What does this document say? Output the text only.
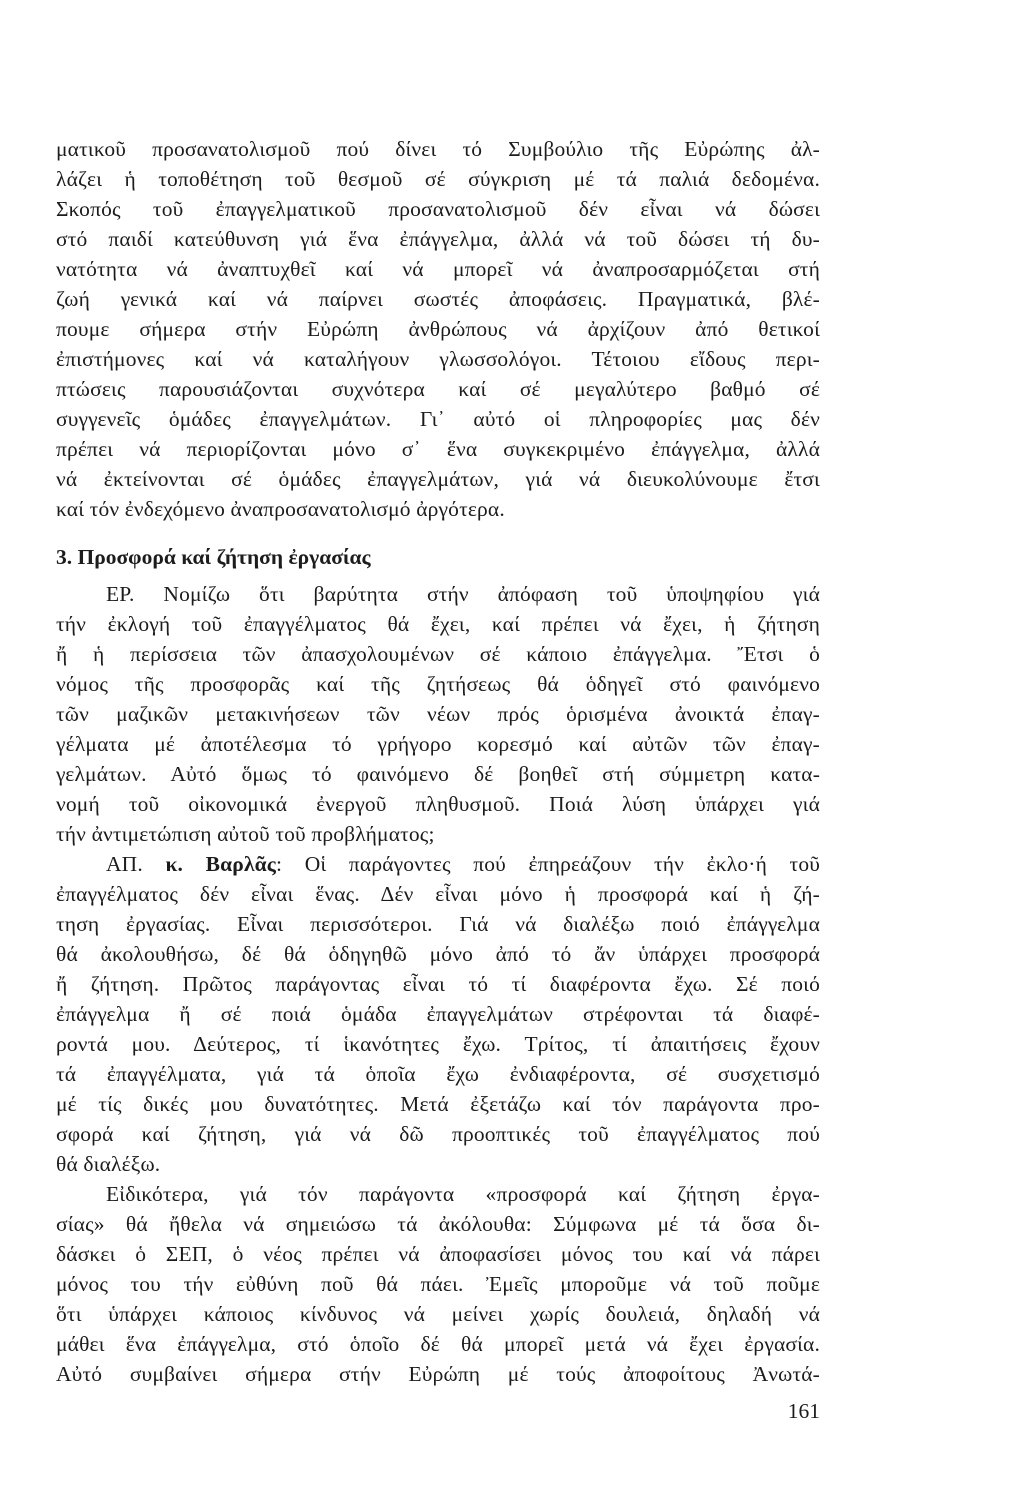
ματικοῦ προσανατολισμοῦ πού δίνει τό Συμβούλιο τῆς Εὐρώπης ἀλ-
λάζει ἡ τοποθέτηση τοῦ θεσμοῦ σέ σύγκριση μέ τά παλιά δεδομένα.
Σκοπός τοῦ ἐπαγγελματικοῦ προσανατολισμοῦ δέν εἶναι νά δώσει
στό παιδί κατεύθυνση γιά ἕνα ἐπάγγελμα, ἀλλά νά τοῦ δώσει τή δυ-
νατότητα νά ἀναπτυχθεῖ καί νά μπορεῖ νά ἀναπροσαρμόζεται στή
ζωή γενικά καί νά παίρνει σωστές ἀποφάσεις. Πραγματικά, βλέ-
πουμε σήμερα στήν Εὐρώπη ἀνθρώπους νά ἀρχίζουν ἀπό θετικοί
ἐπιστήμονες καί νά καταλήγουν γλωσσολόγοι. Τέτοιου εἴδους περι-
πτώσεις παρουσιάζονται συχνότερα καί σέ μεγαλύτερο βαθμό σέ
συγγενεῖς ὁμάδες ἐπαγγελμάτων. Γι᾽ αὐτό οἱ πληροφορίες μας δέν
πρέπει νά περιορίζονται μόνο σ᾽ ἕνα συγκεκριμένο ἐπάγγελμα, ἀλλά
νά ἐκτείνονται σέ ὁμάδες ἐπαγγελμάτων, γιά νά διευκολύνουμε ἔτσι
καί τόν ἐνδεχόμενο ἀναπροσανατολισμό ἀργότερα.
3. Προσφορά καί ζήτηση ἐργασίας
ΕΡ. Νομίζω ὅτι βαρύτητα στήν ἀπόφαση τοῦ ὑποψηφίου γιά
τήν ἐκλογή τοῦ ἐπαγγέλματος θά ἔχει, καί πρέπει νά ἔχει, ἡ ζήτηση
ἤ ἡ περίσσεια τῶν ἀπασχολουμένων σέ κάποιο ἐπάγγελμα. Ἔτσι ὁ
νόμος τῆς προσφορᾶς καί τῆς ζητήσεως θά ὁδηγεῖ στό φαινόμενο
τῶν μαζικῶν μετακινήσεων τῶν νέων πρός ὁρισμένα ἀνοικτά ἐπαγ-
γέλματα μέ ἀποτέλεσμα τό γρήγορο κορεσμό καί αὐτῶν τῶν ἐπαγ-
γελμάτων. Αὐτό ὅμως τό φαινόμενο δέ βοηθεῖ στή σύμμετρη κατα-
νομή τοῦ οἰκονομικά ἐνεργοῦ πληθυσμοῦ. Ποιά λύση ὑπάρχει γιά
τήν ἀντιμετώπιση αὐτοῦ τοῦ προβλήματος;
ΑΠ. κ. Βαρλᾶς: Οἱ παράγοντες πού ἐπηρεάζουν τήν ἐκλο·ή τοῦ
ἐπαγγέλματος δέν εἶναι ἕνας. Δέν εἶναι μόνο ἡ προσφορά καί ἡ ζή-
τηση ἐργασίας. Εἶναι περισσότεροι. Γιά νά διαλέξω ποιό ἐπάγγελμα
θά ἀκολουθήσω, δέ θά ὁδηγηθῶ μόνο ἀπό τό ἄν ὑπάρχει προσφορά
ἤ ζήτηση. Πρῶτος παράγοντας εἶναι τό τί διαφέροντα ἔχω. Σέ ποιό
ἐπάγγελμα ἤ σέ ποιά ὁμάδα ἐπαγγελμάτων στρέφονται τά διαφέ-
ροντά μου. Δεύτερος, τί ἱκανότητες ἔχω. Τρίτος, τί ἀπαιτήσεις ἔχουν
τά ἐπαγγέλματα, γιά τά ὁποῖα ἔχω ἐνδιαφέροντα, σέ συσχετισμό
μέ τίς δικές μου δυνατότητες. Μετά ἐξετάζω καί τόν παράγοντα προ-
σφορά καί ζήτηση, γιά νά δῶ προοπτικές τοῦ ἐπαγγέλματος πού
θά διαλέξω.
Εἰδικότερα, γιά τόν παράγοντα «προσφορά καί ζήτηση ἐργα-
σίας» θά ἤθελα νά σημειώσω τά ἀκόλουθα: Σύμφωνα μέ τά ὅσα δι-
δάσκει ὁ ΣΕΠ, ὁ νέος πρέπει νά ἀποφασίσει μόνος του καί νά πάρει
μόνος του τήν εὐθύνη ποῦ θά πάει. Ἐμεῖς μποροῦμε νά τοῦ ποῦμε
ὅτι ὑπάρχει κάποιος κίνδυνος νά μείνει χωρίς δουλειά, δηλαδή νά
μάθει ἕνα ἐπάγγελμα, στό ὁποῖο δέ θά μπορεῖ μετά νά ἔχει ἐργασία.
Αὐτό συμβαίνει σήμερα στήν Εὐρώπη μέ τούς ἀποφοίτους Ἀνωτά-
161
